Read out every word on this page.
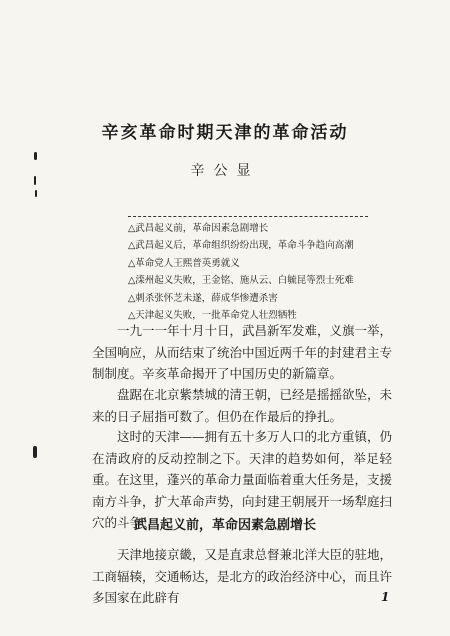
辛亥革命时期天津的革命活动
辛公显
△武昌起义前，革命因素急剧增长
△武昌起义后，革命组织纷纷出现，革命斗争趋向高潮
△革命党人王熙普英勇就义
△滦州起义失败，王金铭、施从云、白毓昆等烈士死难
△刺杀张怀芝未遂，薛成华惨遭杀害
△天津起义失败，一批革命党人壮烈牺牲
一九一一年十月十日，武昌新军发难，义旗一举，全国响应，从而结束了统治中国近两千年的封建君主专制制度。辛亥革命揭开了中国历史的新篇章。
盘踞在北京紫禁城的清王朝，已经是摇摇欲坠，未来的日子屈指可数了。但仍在作最后的挣扎。
这时的天津——拥有五十多万人口的北方重镇，仍在清政府的反动控制之下。天津的趋势如何，举足轻重。在这里，蓬兴的革命力量面临着重大任务是，支援南方斗争，扩大革命声势，向封建王朝展开一场犁庭扫穴的斗争！
武昌起义前，革命因素急剧增长
天津地接京畿，又是直隶总督兼北洋大臣的驻地，工商辐辏，交通畅达，是北方的政治经济中心，而且许多国家在此辟有	1
